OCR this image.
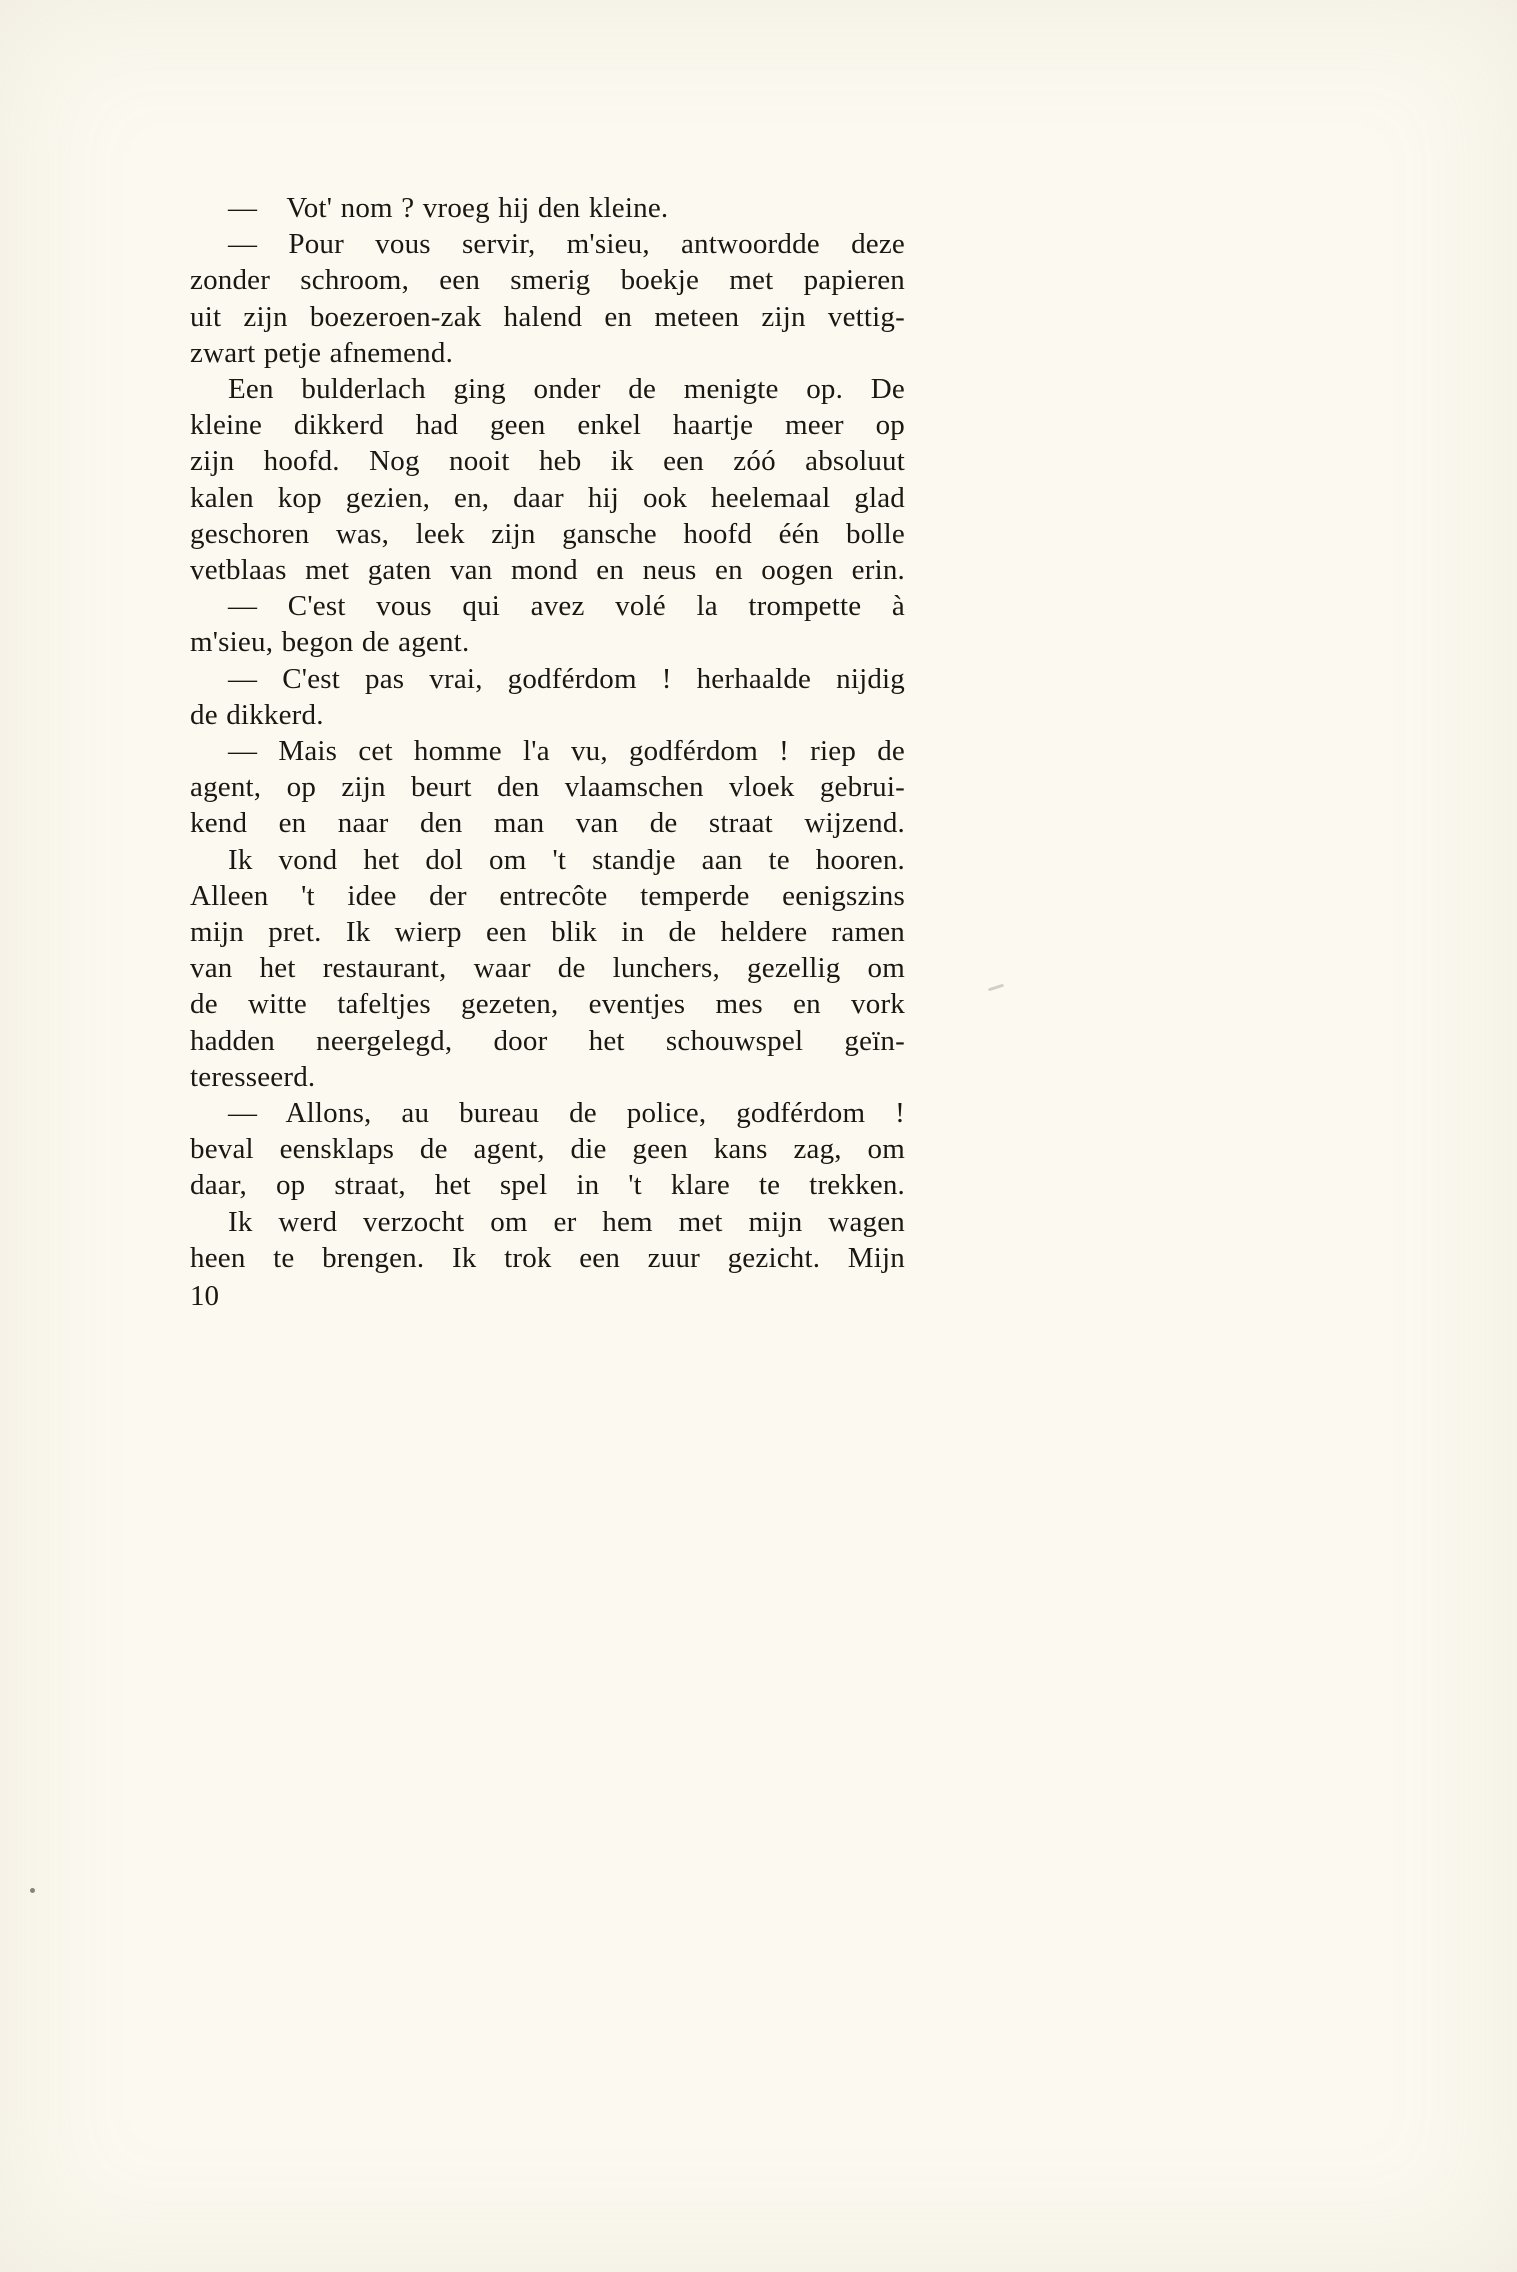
— Vot' nom ? vroeg hij den kleine.
— Pour vous servir, m'sieu, antwoordde deze
zonder schroom, een smerig boekje met papieren
uit zijn boezeroen-zak halend en meteen zijn vettig-
zwart petje afnemend.
Een bulderlach ging onder de menigte op. De
kleine dikkerd had geen enkel haartje meer op
zijn hoofd. Nog nooit heb ik een zóó absoluut
kalen kop gezien, en, daar hij ook heelemaal glad
geschoren was, leek zijn gansche hoofd één bolle
vetblaas met gaten van mond en neus en oogen erin.
— C'est vous qui avez volé la trompette à
m'sieu, begon de agent.
— C'est pas vrai, godférdom ! herhaalde nijdig
de dikkerd.
— Mais cet homme l'a vu, godférdom ! riep de
agent, op zijn beurt den vlaamschen vloek gebrui-
kend en naar den man van de straat wijzend.
Ik vond het dol om 't standje aan te hooren.
Alleen 't idee der entrecôte temperde eenigszins
mijn pret. Ik wierp een blik in de heldere ramen
van het restaurant, waar de lunchers, gezellig om
de witte tafeltjes gezeten, eventjes mes en vork
hadden neergelegd, door het schouwspel geïn-
teresseerd.
— Allons, au bureau de police, godférdom !
beval eensklaps de agent, die geen kans zag, om
daar, op straat, het spel in 't klare te trekken.
Ik werd verzocht om er hem met mijn wagen
heen te brengen. Ik trok een zuur gezicht. Mijn
10
